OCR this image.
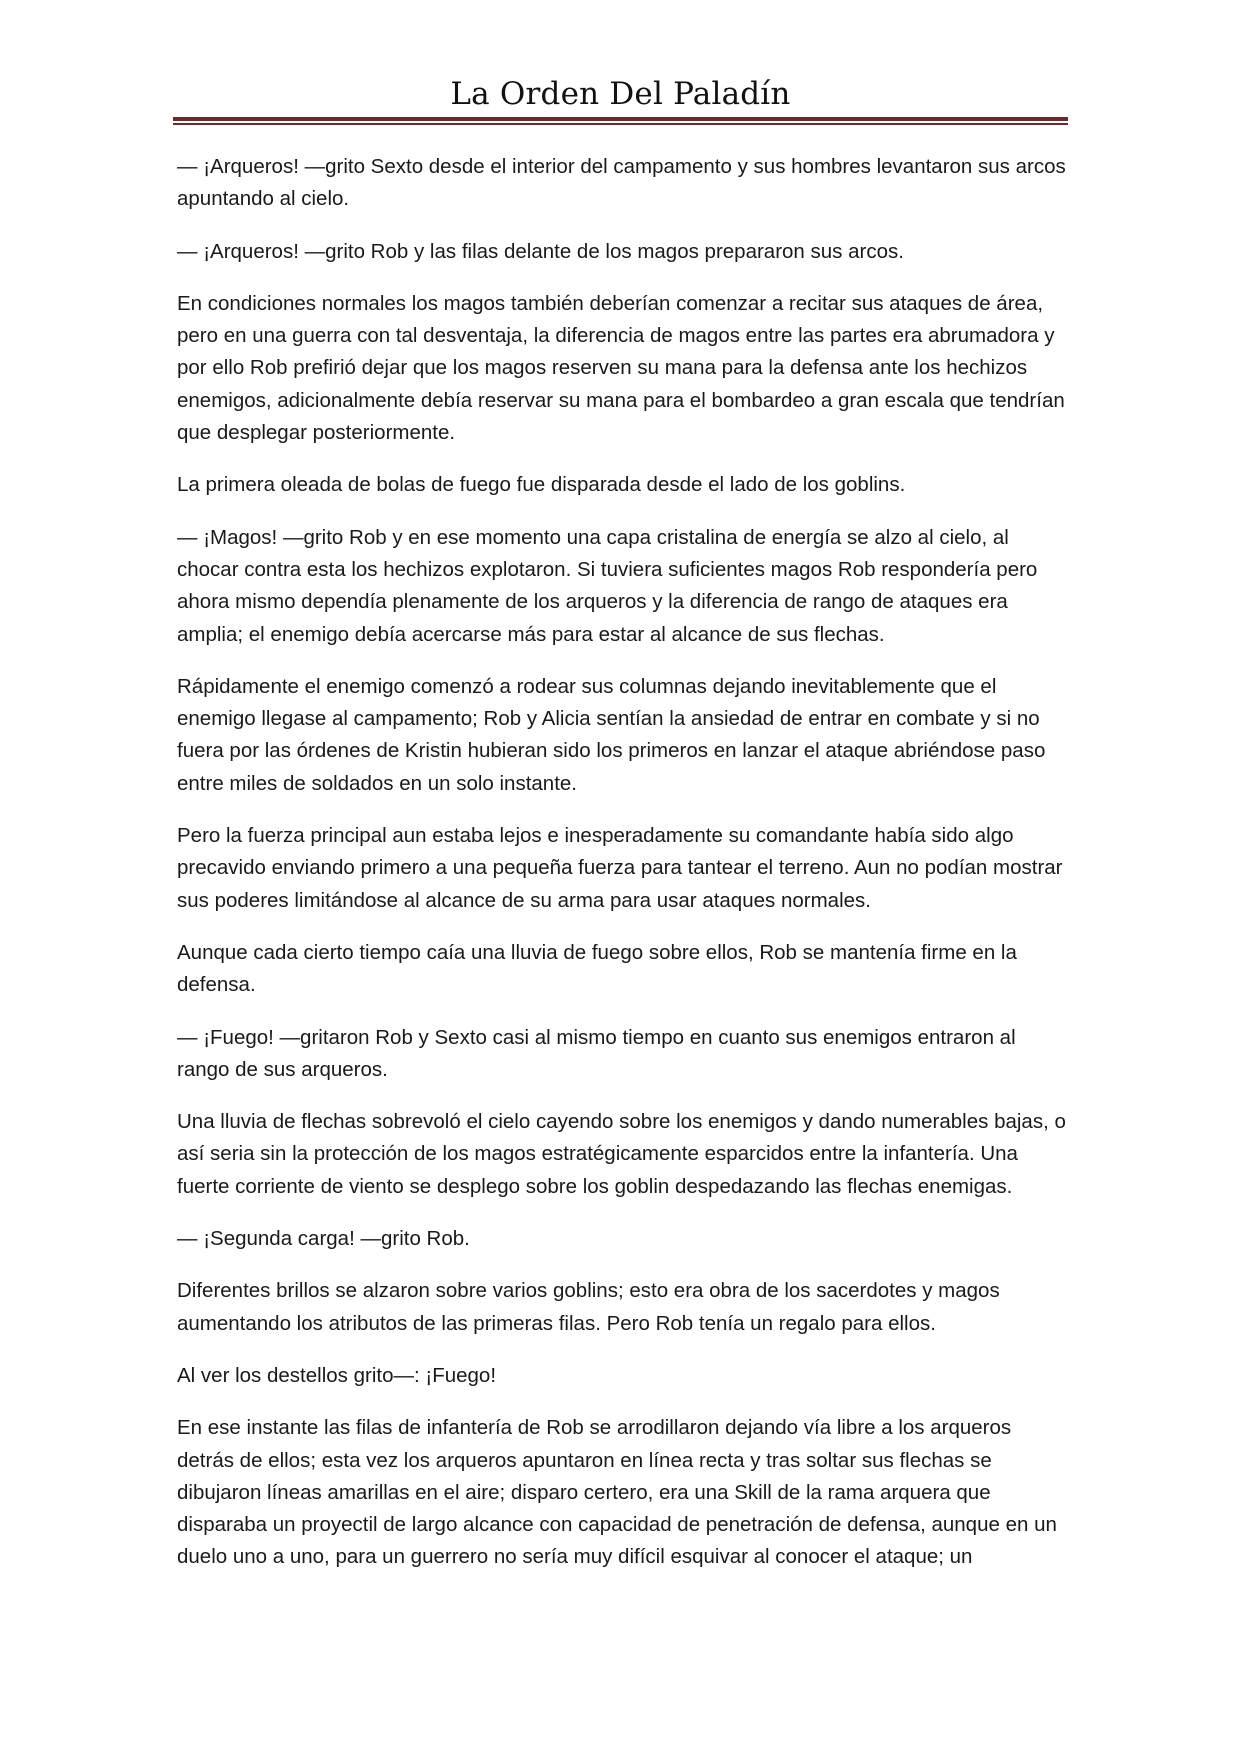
La Orden Del Paladín

— ¡Arqueros! —grito Sexto desde el interior del campamento y sus hombres levantaron sus arcos apuntando al cielo.

— ¡Arqueros! —grito Rob y las filas delante de los magos prepararon sus arcos.

En condiciones normales los magos también deberían comenzar a recitar sus ataques de área, pero en una guerra con tal desventaja, la diferencia de magos entre las partes era abrumadora y por ello Rob prefirió dejar que los magos reserven su mana para la defensa ante los hechizos enemigos, adicionalmente debía reservar su mana para el bombardeo a gran escala que tendrían que desplegar posteriormente.

La primera oleada de bolas de fuego fue disparada desde el lado de los goblins.

— ¡Magos! —grito Rob y en ese momento una capa cristalina de energía se alzo al cielo, al chocar contra esta los hechizos explotaron. Si tuviera suficientes magos Rob respondería pero ahora mismo dependía plenamente de los arqueros y la diferencia de rango de ataques era amplia; el enemigo debía acercarse más para estar al alcance de sus flechas.

Rápidamente el enemigo comenzó a rodear sus columnas dejando inevitablemente que el enemigo llegase al campamento; Rob y Alicia sentían la ansiedad de entrar en combate y si no fuera por las órdenes de Kristin hubieran sido los primeros en lanzar el ataque abriéndose paso entre miles de soldados en un solo instante.

Pero la fuerza principal aun estaba lejos e inesperadamente su comandante había sido algo precavido enviando primero a una pequeña fuerza para tantear el terreno. Aun no podían mostrar sus poderes limitándose al alcance de su arma para usar ataques normales.

Aunque cada cierto tiempo caía una lluvia de fuego sobre ellos, Rob se mantenía firme en la defensa.

— ¡Fuego! —gritaron Rob y Sexto casi al mismo tiempo en cuanto sus enemigos entraron al rango de sus arqueros.

Una lluvia de flechas sobrevoló el cielo cayendo sobre los enemigos y dando numerables bajas, o así seria sin la protección de los magos estratégicamente esparcidos entre la infantería. Una fuerte corriente de viento se desplego sobre los goblin despedazando las flechas enemigas.

— ¡Segunda carga! —grito Rob.

Diferentes brillos se alzaron sobre varios goblins; esto era obra de los sacerdotes y magos aumentando los atributos de las primeras filas. Pero Rob tenía un regalo para ellos.

Al ver los destellos grito—: ¡Fuego!

En ese instante las filas de infantería de Rob se arrodillaron dejando vía libre a los arqueros detrás de ellos; esta vez los arqueros apuntaron en línea recta y tras soltar sus flechas se dibujaron líneas amarillas en el aire; disparo certero, era una Skill de la rama arquera que disparaba un proyectil de largo alcance con capacidad de penetración de defensa, aunque en un duelo uno a uno, para un guerrero no sería muy difícil esquivar al conocer el ataque; un
